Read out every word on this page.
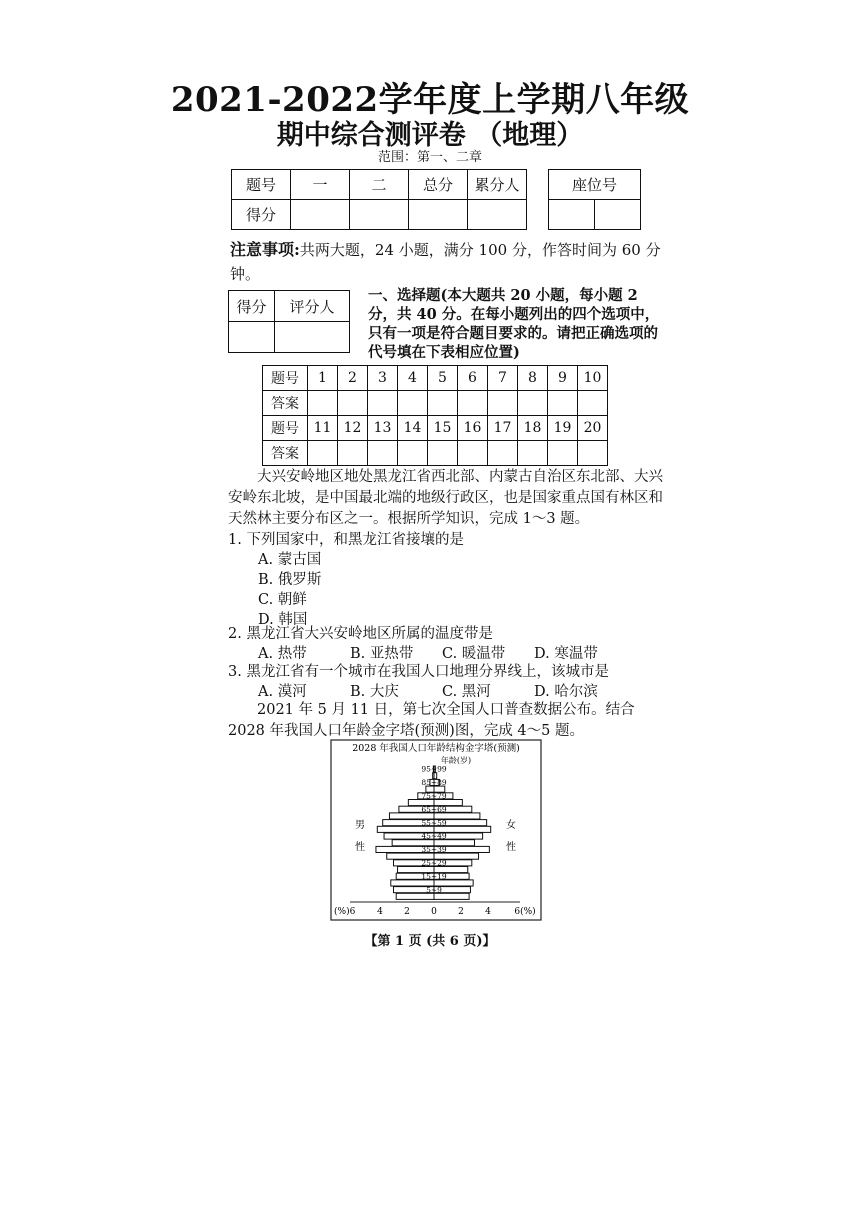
2021-2022学年度上学期八年级
期中综合测评卷 （地理）
范围：第一、二章
题号	一	二	总分	累分人
得分				
座位号

注意事项:共两大题，24 小题，满分 100 分，作答时间为 60 分钟。
得分	评分人

一、选择题(本大题共 20 小题，每小题 2 分，共 40 分。在每小题列出的四个选项中，只有一项是符合题目要求的。请把正确选项的代号填在下表相应位置)
题号	1	2	3	4	5	6	7	8	9	10
答案										
题号	11	12	13	14	15	16	17	18	19	20
答案										
大兴安岭地区地处黑龙江省西北部、内蒙古自治区东北部、大兴安岭东北坡，是中国最北端的地级行政区，也是国家重点国有林区和天然林主要分布区之一。根据所学知识，完成 1～3 题。
1. 下列国家中，和黑龙江省接壤的是
A. 蒙古国
B. 俄罗斯
C. 朝鲜
D. 韩国
2. 黑龙江省大兴安岭地区所属的温度带是
A. 热带	B. 亚热带 C. 暖温带 D. 寒温带
3. 黑龙江省有一个城市在我国人口地理分界线上，该城市是
A. 漠河	B. 大庆	C. 黑河	D. 哈尔滨
2021 年 5 月 11 日，第七次全国人口普查数据公布。结合 2028 年我国人口年龄金字塔(预测)图，完成 4～5 题。
2028 年我国人口年龄结构金字塔(预测)
年龄(岁)
男
性
女
性
95~99
85~89
75~79
65~69
55~59
45~49
35~39
25~29
15~19
5~9
(%)6 4 2 0 2 4	6(%)
【第 1 页 (共 6 页)】
